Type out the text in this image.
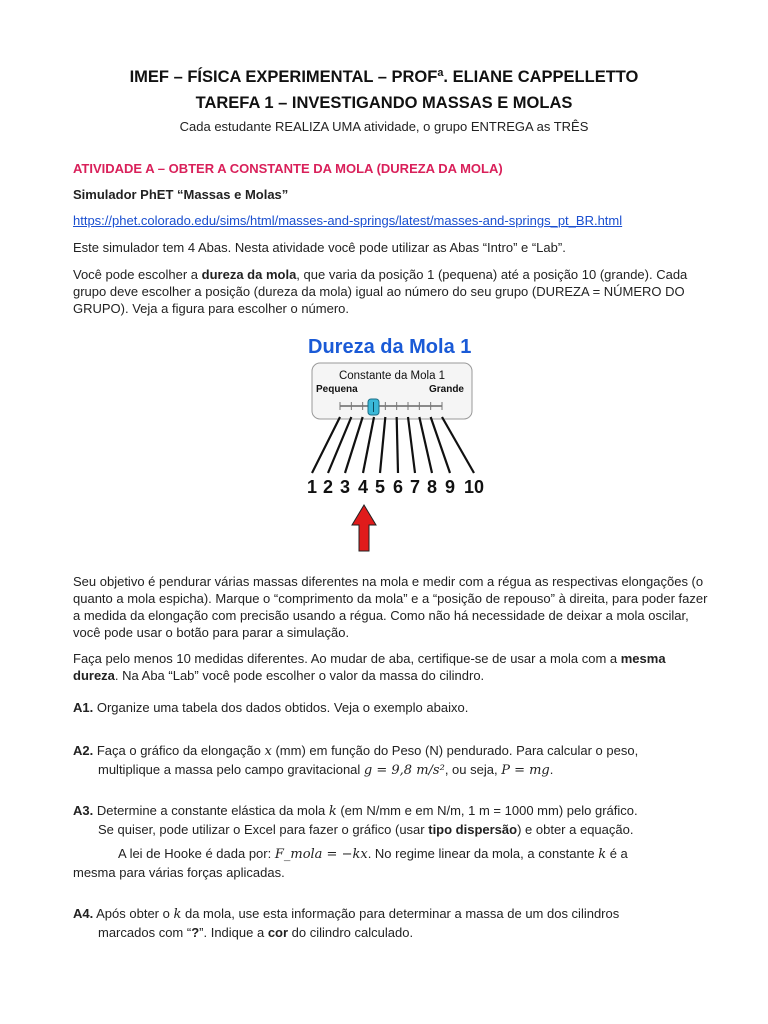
IMEF – FÍSICA EXPERIMENTAL – PROFª. ELIANE CAPPELLETTO
TAREFA 1 – INVESTIGANDO MASSAS E MOLAS
Cada estudante REALIZA UMA atividade, o grupo ENTREGA as TRÊS
ATIVIDADE A – OBTER A CONSTANTE DA MOLA (DUREZA DA MOLA)
Simulador PhET “Massas e Molas”
https://phet.colorado.edu/sims/html/masses-and-springs/latest/masses-and-springs_pt_BR.html
Este simulador tem 4 Abas. Nesta atividade você pode utilizar as Abas “Intro” e “Lab”.
Você pode escolher a dureza da mola, que varia da posição 1 (pequena) até a posição 10 (grande). Cada grupo deve escolher a posição (dureza da mola) igual ao número do seu grupo (DUREZA = NÚMERO DO GRUPO). Veja a figura para escolher o número.
Dureza da Mola 1
Constante da Mola 1
Pequena	Grande
1 2 3 4 5 6 7 8 9 10
Seu objetivo é pendurar várias massas diferentes na mola e medir com a régua as respectivas elongações (o quanto a mola espicha). Marque o “comprimento da mola” e a “posição de repouso” à direita, para poder fazer a medida da elongação com precisão usando a régua. Como não há necessidade de deixar a mola oscilar, você pode usar o botão para parar a simulação.
Faça pelo menos 10 medidas diferentes. Ao mudar de aba, certifique-se de usar a mola com a mesma dureza. Na Aba “Lab” você pode escolher o valor da massa do cilindro.
A1. Organize uma tabela dos dados obtidos. Veja o exemplo abaixo.
A2. Faça o gráfico da elongação x (mm) em função do Peso (N) pendurado. Para calcular o peso,
multiplique a massa pelo campo gravitacional g = 9,8 m/s², ou seja, P = mg.
A3. Determine a constante elástica da mola k (em N/mm e em N/m, 1 m = 1000 mm) pelo gráfico.
Se quiser, pode utilizar o Excel para fazer o gráfico (usar tipo dispersão) e obter a equação.
A lei de Hooke é dada por: F_mola = −kx. No regime linear da mola, a constante k é a
mesma para várias forças aplicadas.
A4. Após obter o k da mola, use esta informação para determinar a massa de um dos cilindros
marcados com “?”. Indique a cor do cilindro calculado.
